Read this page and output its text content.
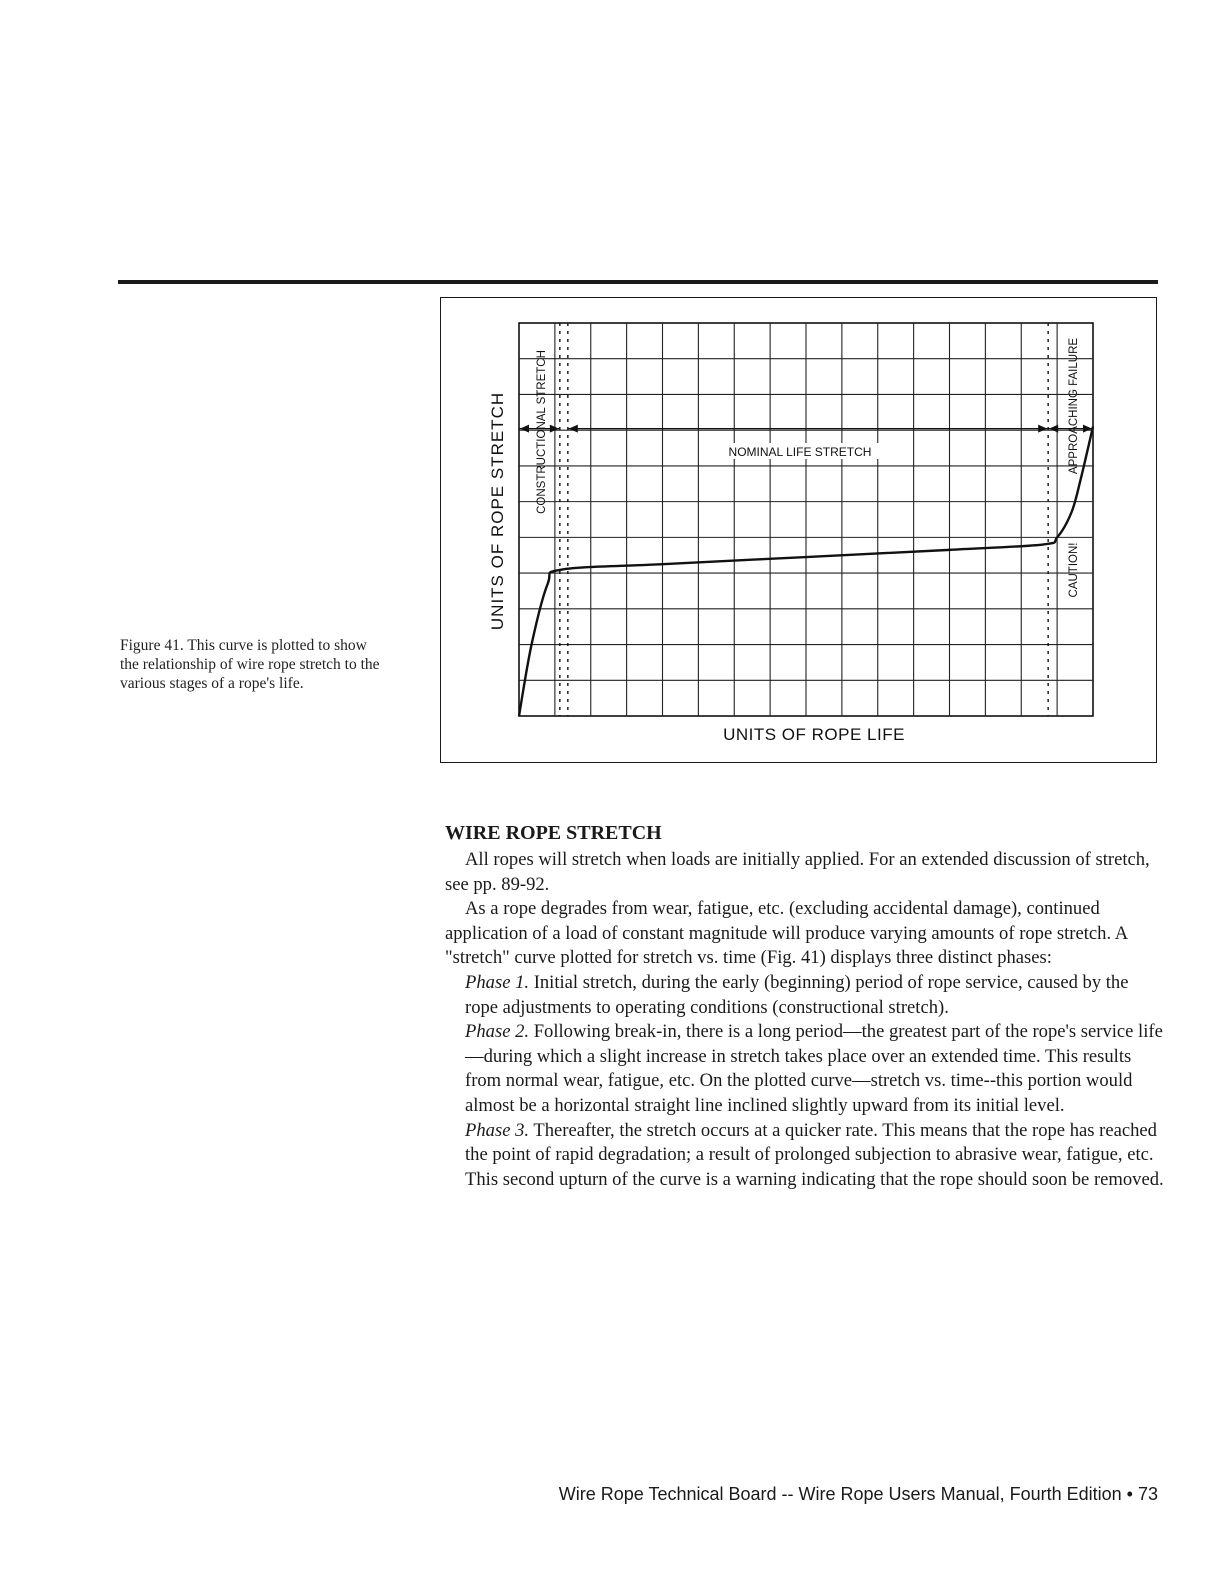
Figure 41. This curve is plotted to show the relationship of wire rope stretch to the various stages of a rope's life.
UNITS OF ROPE STRETCH
UNITS OF ROPE LIFE
CONSTRUCTIONAL STRETCH	APPROACHING FAILURE
CAUTION!
NOMINAL LIFE STRETCH
WIRE ROPE STRETCH

All ropes will stretch when loads are initially applied. For an extended discussion of stretch, see pp. 89-92.

As a rope degrades from wear, fatigue, etc. (excluding accidental damage), continued application of a load of constant magnitude will produce varying amounts of rope stretch. A "stretch" curve plotted for stretch vs. time (Fig. 41) displays three distinct phases:

Phase 1. Initial stretch, during the early (beginning) period of rope service, caused by the rope adjustments to operating conditions (constructional stretch).

Phase 2. Following break-in, there is a long period—the greatest part of the rope's service life—during which a slight increase in stretch takes place over an extended time. This results from normal wear, fatigue, etc. On the plotted curve—stretch vs. time--this portion would almost be a horizontal straight line inclined slightly upward from its initial level.

Phase 3. Thereafter, the stretch occurs at a quicker rate. This means that the rope has reached the point of rapid degradation; a result of prolonged subjection to abrasive wear, fatigue, etc. This second upturn of the curve is a warning indicating that the rope should soon be removed.

Wire Rope Technical Board -- Wire Rope Users Manual, Fourth Edition • 73
